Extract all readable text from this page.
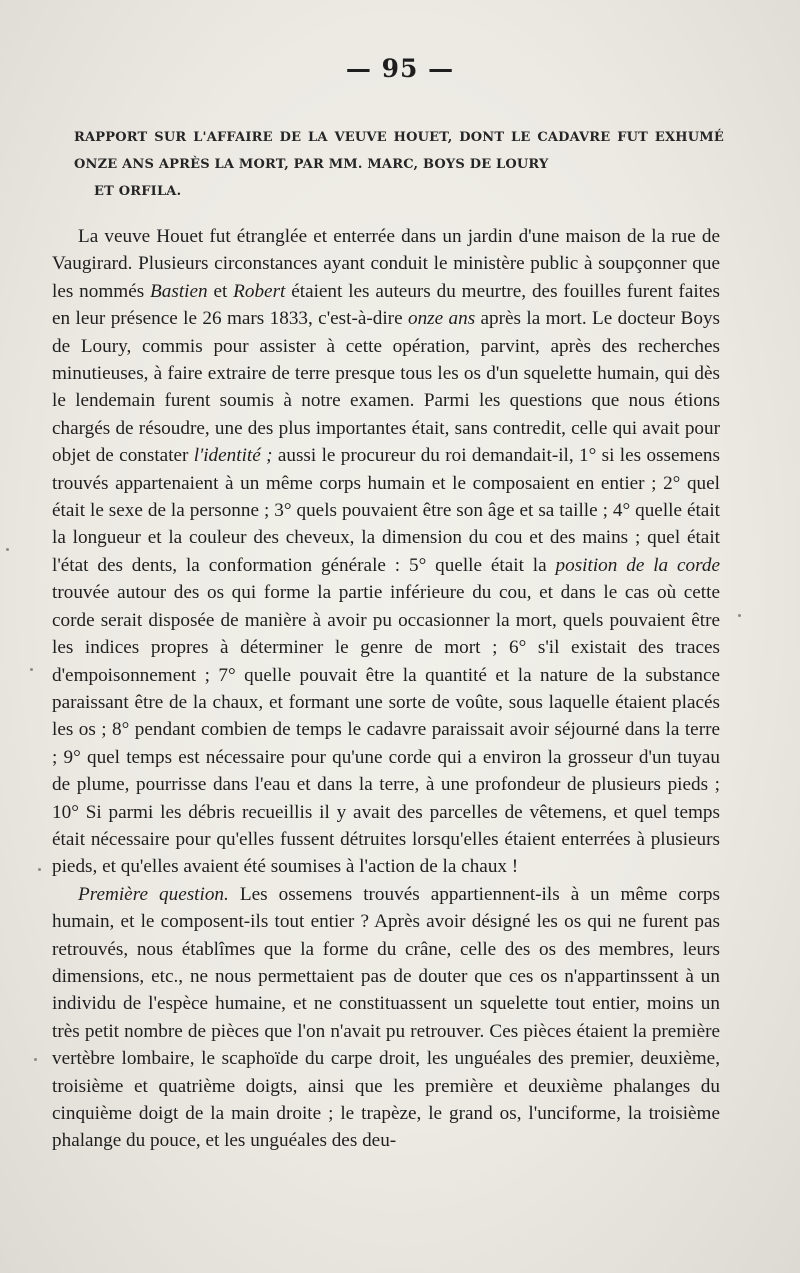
— 95 —
RAPPORT SUR L'AFFAIRE DE LA VEUVE HOUET, DONT LE CADAVRE FUT EXHUMÉ ONZE ANS APRÈS LA MORT, PAR MM. MARC, BOYS DE LOURY
ET ORFILA.

La veuve Houet fut étranglée et enterrée dans un jardin d'une maison de la rue de Vaugirard. Plusieurs circonstances ayant conduit le ministère public à soupçonner que les nommés Bastien et Robert étaient les auteurs du meurtre, des fouilles furent faites en leur présence le 26 mars 1833, c'est-à-dire onze ans après la mort. Le docteur Boys de Loury, commis pour assister à cette opération, parvint, après des recherches minutieuses, à faire extraire de terre presque tous les os d'un squelette humain, qui dès le lendemain furent soumis à notre examen. Parmi les questions que nous étions chargés de résoudre, une des plus importantes était, sans contredit, celle qui avait pour objet de constater l'identité ; aussi le procureur du roi demandait-il, 1° si les ossemens trouvés appartenaient à un même corps humain et le composaient en entier ; 2° quel était le sexe de la personne ; 3° quels pouvaient être son âge et sa taille ; 4° quelle était la longueur et la couleur des cheveux, la dimension du cou et des mains ; quel était l'état des dents, la conformation générale : 5° quelle était la position de la corde trouvée autour des os qui forme la partie inférieure du cou, et dans le cas où cette corde serait disposée de manière à avoir pu occasionner la mort, quels pouvaient être les indices propres à déterminer le genre de mort ; 6° s'il existait des traces d'empoisonnement ; 7° quelle pouvait être la quantité et la nature de la substance paraissant être de la chaux, et formant une sorte de voûte, sous laquelle étaient placés les os ; 8° pendant combien de temps le cadavre paraissait avoir séjourné dans la terre ; 9° quel temps est nécessaire pour qu'une corde qui a environ la grosseur d'un tuyau de plume, pourrisse dans l'eau et dans la terre, à une profondeur de plusieurs pieds ; 10° Si parmi les débris recueillis il y avait des parcelles de vêtemens, et quel temps était nécessaire pour qu'elles fussent détruites lorsqu'elles étaient enterrées à plusieurs pieds, et qu'elles avaient été soumises à l'action de la chaux !

Première question. Les ossemens trouvés appartiennent-ils à un même corps humain, et le composent-ils tout entier ? Après avoir désigné les os qui ne furent pas retrouvés, nous établîmes que la forme du crâne, celle des os des membres, leurs dimensions, etc., ne nous permettaient pas de douter que ces os n'appartinssent à un individu de l'espèce humaine, et ne constituassent un squelette tout entier, moins un très petit nombre de pièces que l'on n'avait pu retrouver. Ces pièces étaient la première vertèbre lombaire, le scaphoïde du carpe droit, les unguéales des premier, deuxième, troisième et quatrième doigts, ainsi que les première et deuxième phalanges du cinquième doigt de la main droite ; le trapèze, le grand os, l'unciforme, la troisième phalange du pouce, et les unguéales des deu-
